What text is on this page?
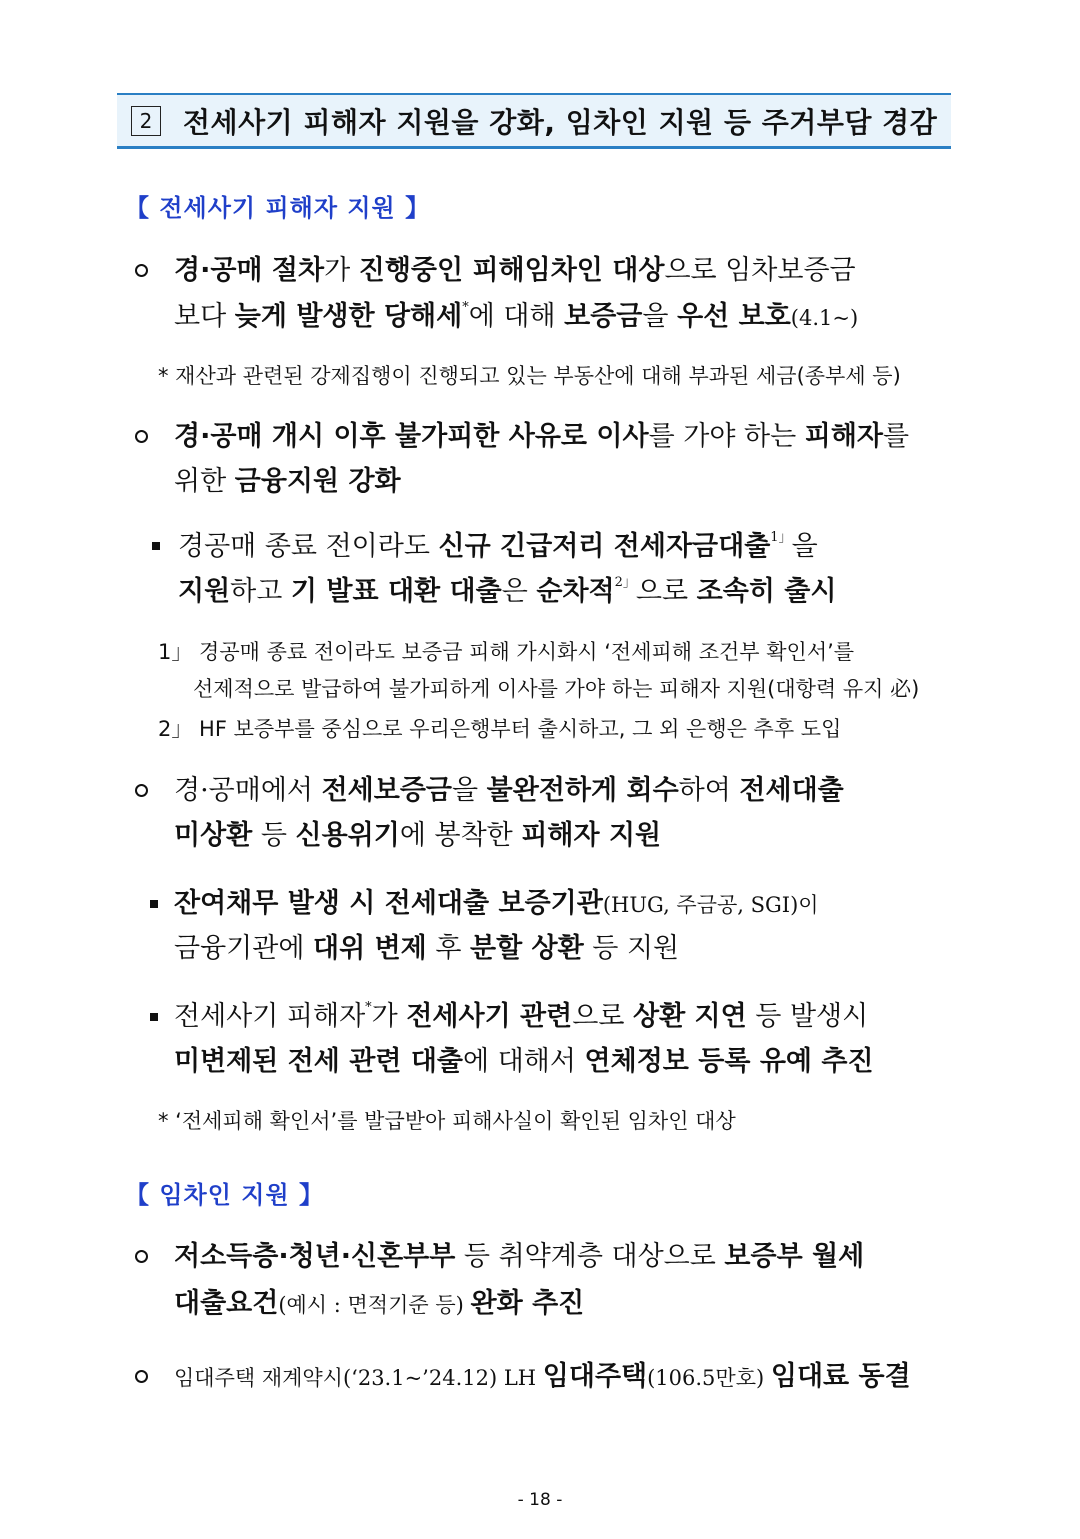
2	전세사기 피해자 지원을 강화, 임차인 지원 등 주거부담 경감
【 전세사기 피해자 지원 】
경·공매 절차가 진행중인 피해임차인 대상으로 임차보증금
보다 늦게 발생한 당해세*에 대해 보증금을 우선 보호(4.1~)
* 재산과 관련된 강제집행이 진행되고 있는 부동산에 대해 부과된 세금(종부세 등)
경·공매 개시 이후 불가피한 사유로 이사를 가야 하는 피해자를
위한 금융지원 강화
경공매 종료 전이라도 신규 긴급저리 전세자금대출$^{1」}$을
지원하고 기 발표 대환 대출은 순차적$^{2」}$으로 조속히 출시
1」 경공매 종료 전이라도 보증금 피해 가시화시 ‘전세피해 조건부 확인서’를
선제적으로 발급하여 불가피하게 이사를 가야 하는 피해자 지원(대항력 유지 必)
2」 HF 보증부를 중심으로 우리은행부터 출시하고, 그 외 은행은 추후 도입
경·공매에서 전세보증금을 불완전하게 회수하여 전세대출
미상환 등 신용위기에 봉착한 피해자 지원
잔여채무 발생 시 전세대출 보증기관(HUG, 주금공, SGI)이
금융기관에 대위 변제 후 분할 상환 등 지원
전세사기 피해자*가 전세사기 관련으로 상환 지연 등 발생시
미변제된 전세 관련 대출에 대해서 연체정보 등록 유예 추진
* ‘전세피해 확인서’를 발급받아 피해사실이 확인된 임차인 대상
【 임차인 지원 】
저소득층·청년·신혼부부 등 취약계층 대상으로 보증부 월세
대출요건(예시 : 면적기준 등) 완화 추진
임대주택 재계약시(‘23.1~’24.12) LH 임대주택(106.5만호) 임대료 동결
- 18 -
